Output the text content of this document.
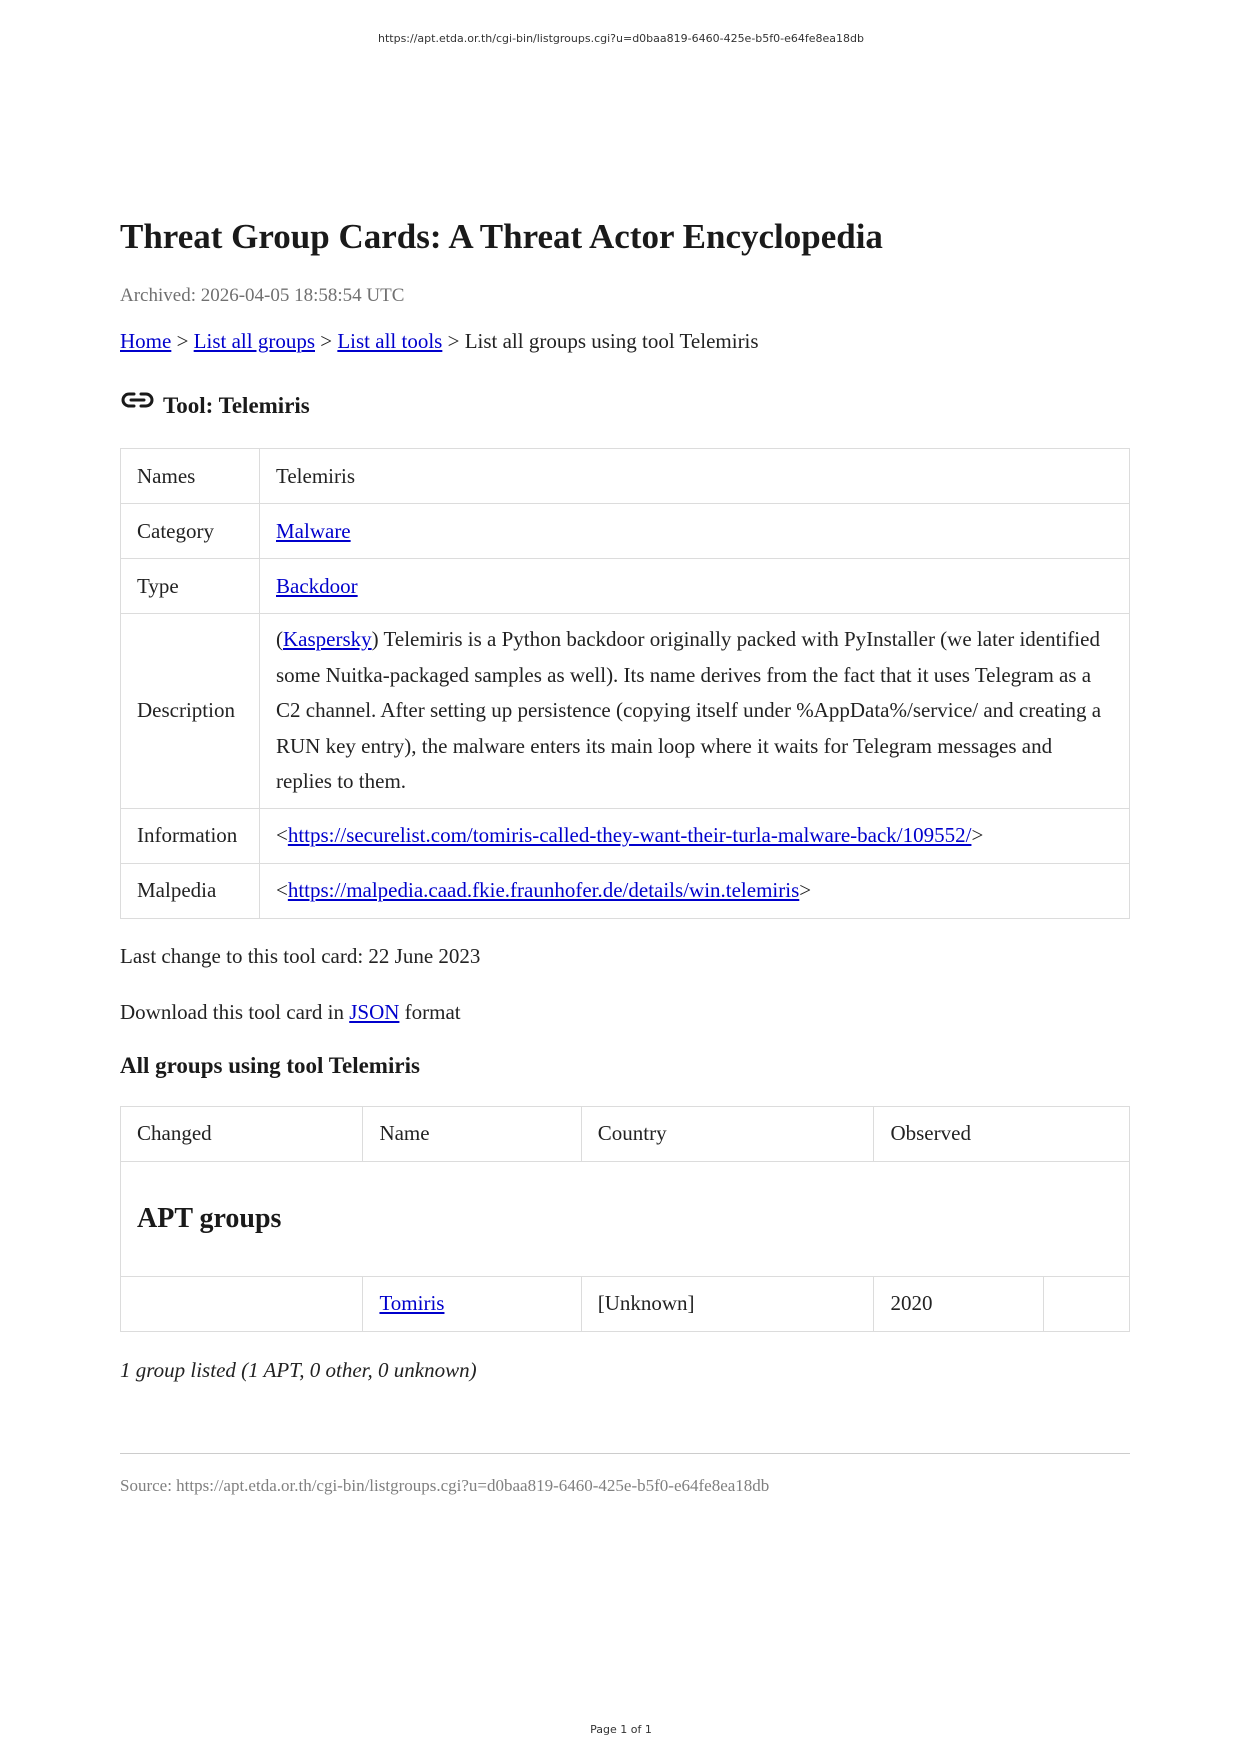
https://apt.etda.or.th/cgi-bin/listgroups.cgi?u=d0baa819-6460-425e-b5f0-e64fe8ea18db
Threat Group Cards: A Threat Actor Encyclopedia
Archived: 2026-04-05 18:58:54 UTC
Home > List all groups > List all tools > List all groups using tool Telemiris
Tool: Telemiris
Names	Telemiris
Category	Malware
Type	Backdoor
Description	(Kaspersky) Telemiris is a Python backdoor originally packed with PyInstaller (we later identified some Nuitka-packaged samples as well). Its name derives from the fact that it uses Telegram as a C2 channel. After setting up persistence (copying itself under %AppData%/service/ and creating a RUN key entry), the malware enters its main loop where it waits for Telegram messages and replies to them.
Information	<https://securelist.com/tomiris-called-they-want-their-turla-malware-back/109552/>
Malpedia	<https://malpedia.caad.fkie.fraunhofer.de/details/win.telemiris>
Last change to this tool card: 22 June 2023
Download this tool card in JSON format
All groups using tool Telemiris
Changed	Name	Country	Observed	
APT groups				
	Tomiris	[Unknown]	2020	
1 group listed (1 APT, 0 other, 0 unknown)
Source: https://apt.etda.or.th/cgi-bin/listgroups.cgi?u=d0baa819-6460-425e-b5f0-e64fe8ea18db
Page 1 of 1
